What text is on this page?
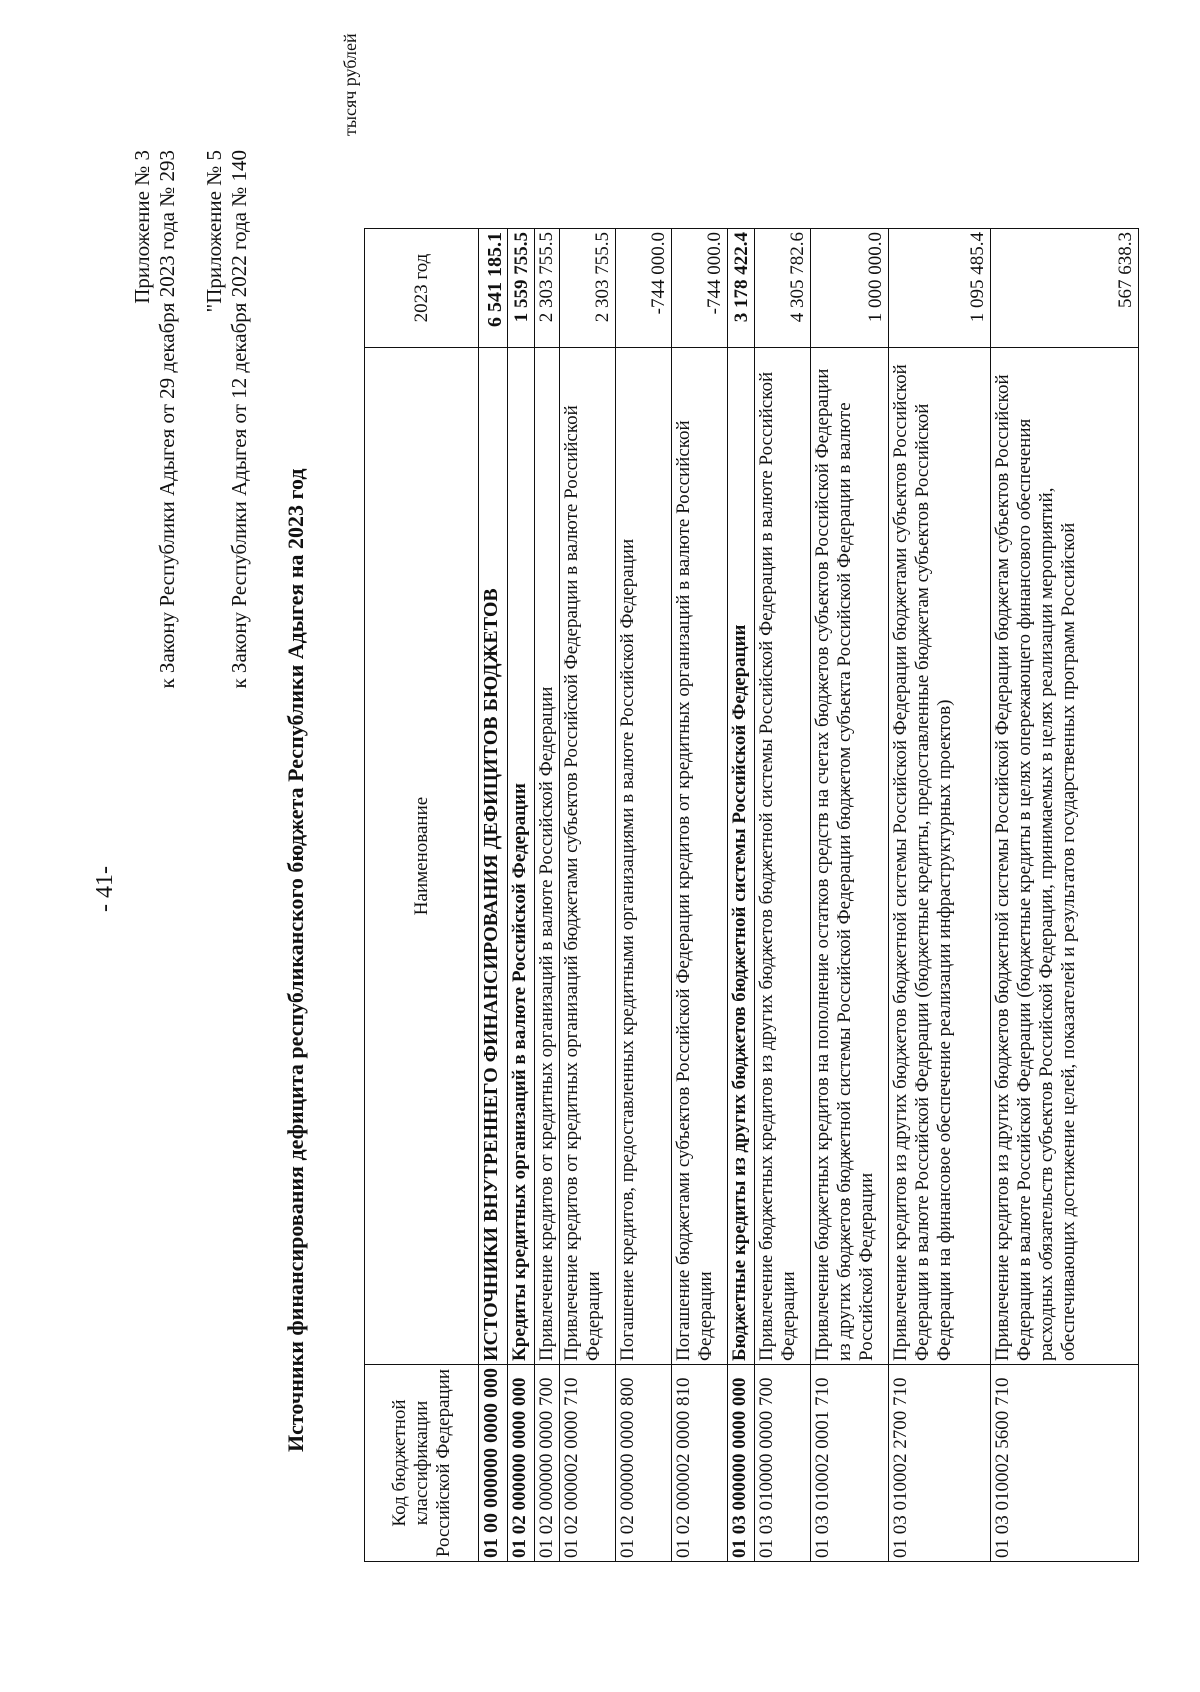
- 41-
Приложение № 3 к Закону Республики Адыгея от 29 декабря 2023 года № 293 "Приложение № 5 к Закону Республики Адыгея от 12 декабря 2022 года № 140
Источники финансирования дефицита республиканского бюджета Республики Адыгея на 2023 год
тысяч рублей
Код бюджетной классификации Российской Федерации	Наименование	2023 год
01 00 000000 0000 000	ИСТОЧНИКИ ВНУТРЕННЕГО ФИНАНСИРОВАНИЯ ДЕФИЦИТОВ БЮДЖЕТОВ	6 541 185.1
01 02 000000 0000 000	Кредиты кредитных организаций в валюте Российской Федерации	1 559 755.5
01 02 000000 0000 700	Привлечение кредитов от кредитных организаций в валюте Российской Федерации	2 303 755.5
01 02 000002 0000 710	Привлечение кредитов от кредитных организаций бюджетами субъектов Российской Федерации в валюте Российской Федерации	2 303 755.5
01 02 000000 0000 800	Погашение кредитов, предоставленных кредитными организациями в валюте Российской Федерации	-744 000.0
01 02 000002 0000 810	Погашение бюджетами субъектов Российской Федерации кредитов от кредитных организаций в валюте Российской Федерации	-744 000.0
01 03 000000 0000 000	Бюджетные кредиты из других бюджетов бюджетной системы Российской Федерации	3 178 422.4
01 03 010000 0000 700	Привлечение бюджетных кредитов из других бюджетов бюджетной системы Российской Федерации в валюте Российской Федерации	4 305 782.6
01 03 010002 0001 710	Привлечение бюджетных кредитов на пополнение остатков средств на счетах бюджетов субъектов Российской Федерации из других бюджетов бюджетной системы Российской Федерации бюджетом субъекта Российской Федерации в валюте Российской Федерации	1 000 000.0
01 03 010002 2700 710	Привлечение кредитов из других бюджетов бюджетной системы Российской Федерации бюджетами субъектов Российской Федерации в валюте Российской Федерации (бюджетные кредиты, предоставленные бюджетам субъектов Российской Федерации на финансовое обеспечение реализации инфраструктурных проектов)	1 095 485.4
01 03 010002 5600 710	Привлечение кредитов из других бюджетов бюджетной системы Российской Федерации бюджетам субъектов Российской Федерации в валюте Российской Федерации (бюджетные кредиты в целях опережающего финансового обеспечения расходных обязательств субъектов Российской Федерации, принимаемых в целях реализации мероприятий, обеспечивающих достижение целей, показателей и результатов государственных программ Российской	567 638.3
